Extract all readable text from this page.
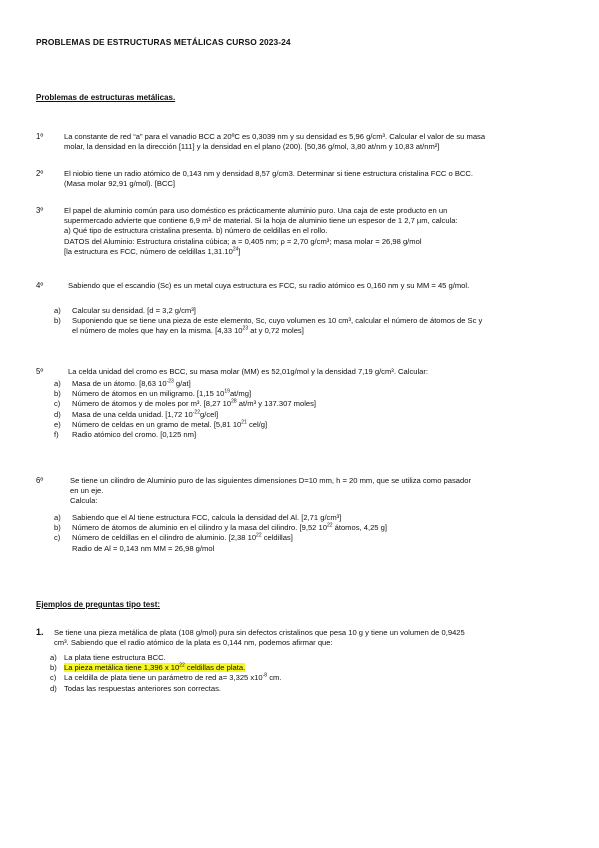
PROBLEMAS DE ESTRUCTURAS METÁLICAS CURSO 2023-24
Problemas de estructuras metálicas.
1º	La constante de red “a” para el vanadio BCC a 20ºC es 0,3039 nm y su densidad es 5,96 g/cm³. Calcular el valor de su masa
molar, la densidad en la dirección [111] y la densidad en el plano (200). [50,36 g/mol, 3,80 at/nm y 10,83 at/nm²]
2º	El niobio tiene un radio atómico de 0,143 nm y densidad 8,57 g/cm3. Determinar si tiene estructura cristalina FCC o BCC.
(Masa molar 92,91 g/mol). [BCC]
3º	El papel de aluminio común para uso doméstico es prácticamente aluminio puro. Una caja de este producto en un
supermercado advierte que contiene 6,9 m² de material. Si la hoja de aluminio tiene un espesor de 1 2,7 µm, calcula:
a) Qué tipo de estructura cristalina presenta. b) número de celdillas en el rollo.
DATOS del Aluminio: Estructura cristalina cúbica; a = 0,405 nm; ρ = 2,70 g/cm³; masa molar = 26,98 g/mol
[la estructura es FCC, número de celdillas 1,31.10$^{24}$]
4º	Sabiendo que el escandio (Sc) es un metal cuya estructura es FCC, su radio atómico es 0,160 nm y su MM = 45 g/mol.
a) Calcular su densidad. [d = 3,2 g/cm³]
b) Suponiendo que se tiene una pieza de este elemento, Sc, cuyo volumen es 10 cm³, calcular el número de átomos de Sc y
el número de moles que hay en la misma. [4,33 $10^{23}$ at y 0,72 moles]
5º	La celda unidad del cromo es BCC, su masa molar (MM) es 52,01g/mol y la densidad 7,19 g/cm³. Calcular:
a) Masa de un átomo. [8,63 $10^{-23}$ g/at]
b) Número de átomos en un miligramo. [1,15 $10^{19}at/mg$]
c) Número de átomos y de moles por m³. [8,27 $10^{28}$ at/m³ y 137.307 moles]
d) Masa de una celda unidad. [1,72 $10^{-22}g/cel$]
e) Número de celdas en un gramo de metal. [5,81 $10^{21}$ cel/g]
f) Radio atómico del cromo. [0,125 nm]
6º	Se tiene un cilindro de Aluminio puro de las siguientes dimensiones D=10 mm, h = 20 mm, que se utiliza como pasador
en un eje.
Calcula:
a) Sabiendo que el Al tiene estructura FCC, calcula la densidad del Al. [2,71 g/cm³]
b) Número de átomos de aluminio en el cilindro y la masa del cilindro. [9,52 $10^{22}$ átomos, 4,25 g]
c) Número de celdillas en el cilindro de aluminio. [2,38 $10^{22}$ celdillas]
Radio de Al = 0,143 nm MM = 26,98 g/mol
Ejemplos de preguntas tipo test:
1. Se tiene una pieza metálica de plata (108 g/mol) pura sin defectos cristalinos que pesa 10 g y tiene un volumen de 0,9425
cm³. Sabiendo que el radio atómico de la plata es 0,144 nm, podemos afirmar que:
a) La plata tiene estructura BCC.
b) La pieza metálica tiene 1,396 x $10^{22}$ celdillas de plata.
c) La celdilla de plata tiene un parámetro de red a= 3,325 $x10^{-8}$ cm.
d) Todas las respuestas anteriores son correctas.
